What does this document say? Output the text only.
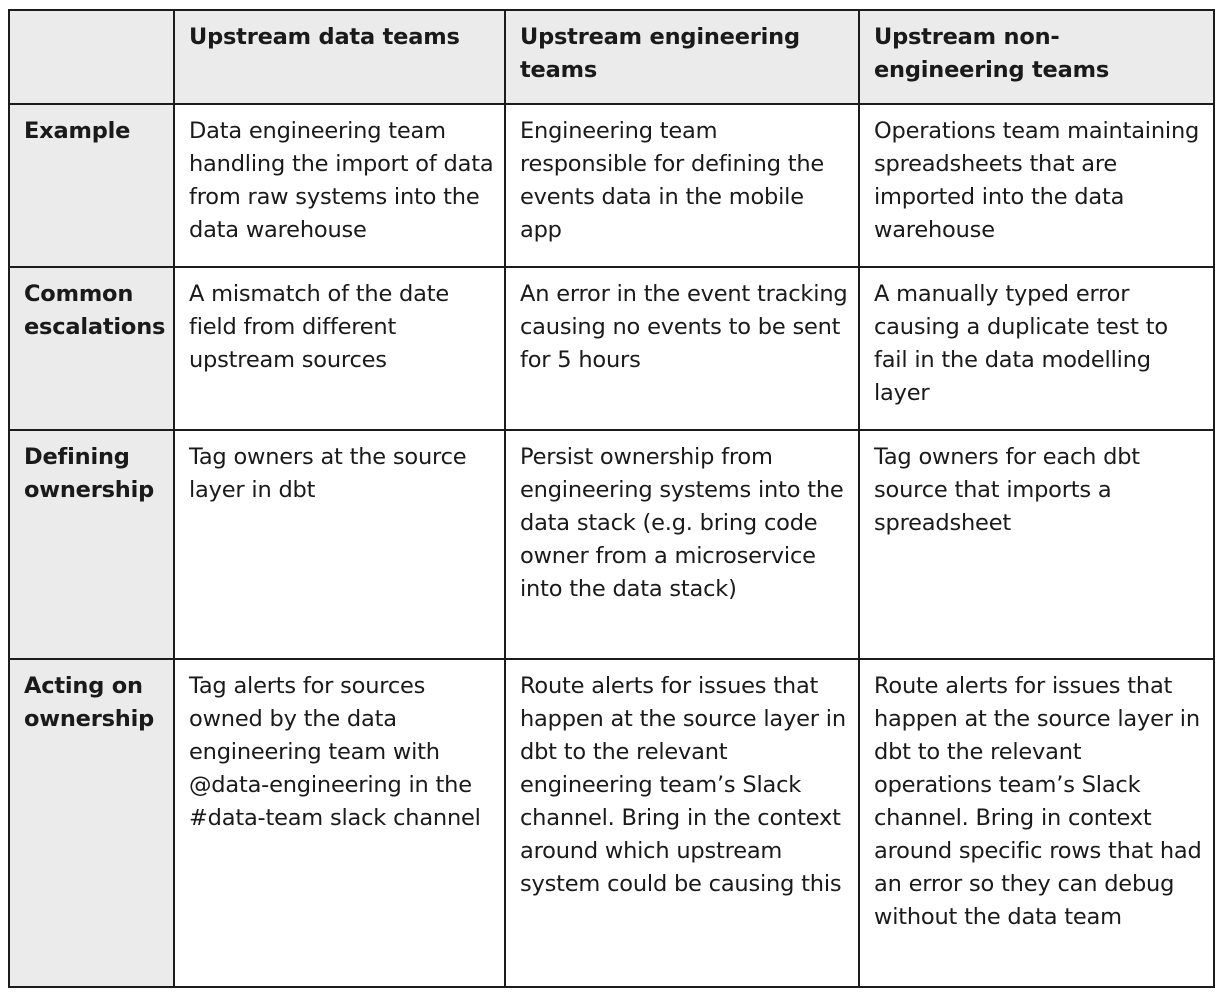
	Upstream data teams	Upstream engineering teams	Upstream non-engineering teams
Example	Data engineering team handling the import of data from raw systems into the data warehouse	Engineering team responsible for defining the events data in the mobile app	Operations team maintaining spreadsheets that are imported into the data warehouse
Common escalations	A mismatch of the date field from different upstream sources	An error in the event tracking causing no events to be sent for 5 hours	A manually typed error causing a duplicate test to fail in the data modelling layer
Defining ownership	Tag owners at the source layer in dbt	Persist ownership from engineering systems into the data stack (e.g. bring code owner from a microservice into the data stack)	Tag owners for each dbt source that imports a spreadsheet
Acting on ownership	Tag alerts for sources owned by the data engineering team with @data-engineering in the #data-team slack channel	Route alerts for issues that happen at the source layer in dbt to the relevant engineering team’s Slack channel. Bring in the context around which upstream system could be causing this	Route alerts for issues that happen at the source layer in dbt to the relevant operations team’s Slack channel. Bring in context around specific rows that had an error so they can debug without the data team
